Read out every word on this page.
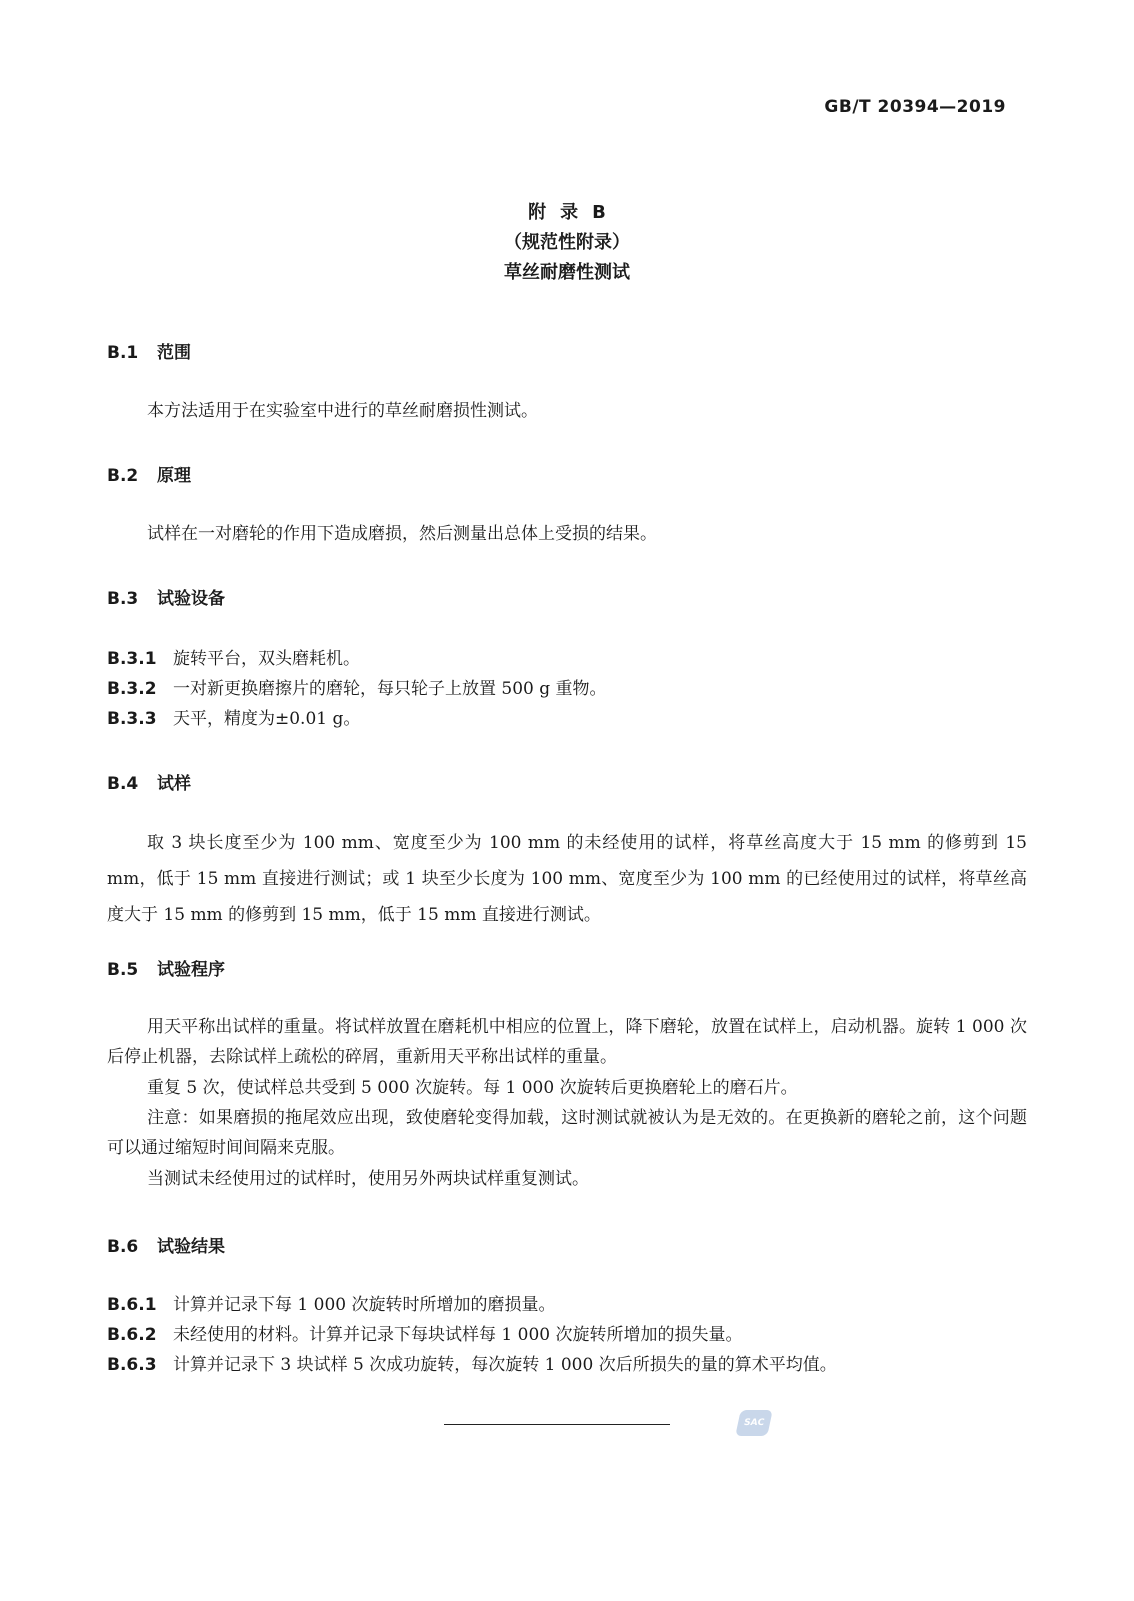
GB/T 20394—2019
附录B
（规范性附录）
草丝耐磨性测试
B.1 范围
本方法适用于在实验室中进行的草丝耐磨损性测试。
B.2 原理
试样在一对磨轮的作用下造成磨损，然后测量出总体上受损的结果。
B.3 试验设备
B.3.1 旋转平台，双头磨耗机。
B.3.2 一对新更换磨擦片的磨轮，每只轮子上放置 500 g 重物。
B.3.3 天平，精度为±0.01 g。
B.4 试样
取 3 块长度至少为 100 mm、宽度至少为 100 mm 的未经使用的试样，将草丝高度大于 15 mm 的修剪到 15 mm，低于 15 mm 直接进行测试；或 1 块至少长度为 100 mm、宽度至少为 100 mm 的已经使用过的试样，将草丝高度大于 15 mm 的修剪到 15 mm，低于 15 mm 直接进行测试。
B.5 试验程序
用天平称出试样的重量。将试样放置在磨耗机中相应的位置上，降下磨轮，放置在试样上，启动机器。旋转 1 000 次后停止机器，去除试样上疏松的碎屑，重新用天平称出试样的重量。
重复 5 次，使试样总共受到 5 000 次旋转。每 1 000 次旋转后更换磨轮上的磨石片。
注意：如果磨损的拖尾效应出现，致使磨轮变得加载，这时测试就被认为是无效的。在更换新的磨轮之前，这个问题可以通过缩短时间间隔来克服。
当测试未经使用过的试样时，使用另外两块试样重复测试。
B.6 试验结果
B.6.1 计算并记录下每 1 000 次旋转时所增加的磨损量。
B.6.2 未经使用的材料。计算并记录下每块试样每 1 000 次旋转所增加的损失量。
B.6.3 计算并记录下 3 块试样 5 次成功旋转，每次旋转 1 000 次后所损失的量的算术平均值。
SAC
